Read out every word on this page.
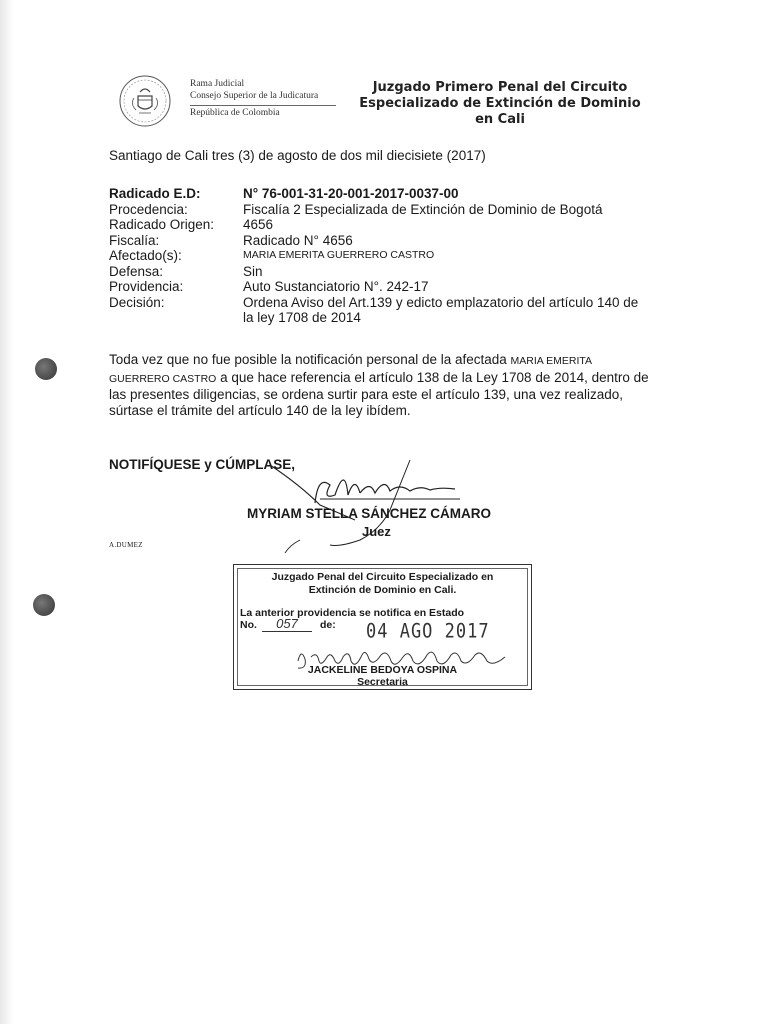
Rama Judicial
Consejo Superior de la Judicatura
República de Colombia
Juzgado Primero Penal del Circuito
Especializado de Extinción de Dominio
en Cali
Santiago de Cali tres (3) de agosto de dos mil diecisiete (2017)
Radicado E.D:	N° 76-001-31-20-001-2017-0037-00
Procedencia:	Fiscalía 2 Especializada de Extinción de Dominio de Bogotá
Radicado Origen:	4656
Fiscalía:	Radicado N° 4656
Afectado(s):	MARIA EMERITA GUERRERO CASTRO
Defensa:	Sin
Providencia:	Auto Sustanciatorio N°. 242-17
Decisión:	Ordena Aviso del Art.139 y edicto emplazatorio del artículo 140 de la ley 1708 de 2014
Toda vez que no fue posible la notificación personal de la afectada MARIA EMERITA GUERRERO CASTRO a que hace referencia el artículo 138 de la Ley 1708 de 2014, dentro de las presentes diligencias, se ordena surtir para este el artículo 139, una vez realizado, súrtase el trámite del artículo 140 de la ley ibídem.
NOTIFÍQUESE y CÚMPLASE,
MYRIAM STELLA SÁNCHEZ CÁMARO
Juez
A.DUMEZ
Juzgado Penal del Circuito Especializado en
Extinción de Dominio en Cali.
La anterior providencia se notifica en Estado
No.	057	de: 04 AGO 2017
JACKELINE BEDOYA OSPINA
Secretaria
